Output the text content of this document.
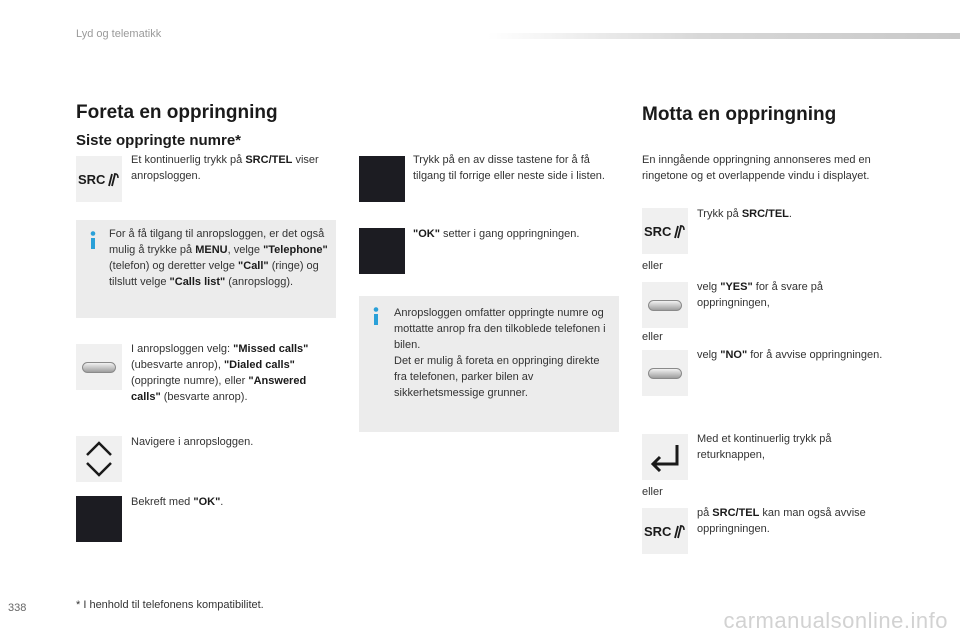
Lyd og telematikk
Foreta en oppringning
Siste oppringte numre*
SRC
Et kontinuerlig trykk på SRC/TEL viser anropsloggen.
For å få tilgang til anropsloggen, er det også mulig å trykke på MENU, velge "Telephone" (telefon) og deretter velge "Call" (ringe) og tilslutt velge "Calls list" (anropslogg).
I anropsloggen velg: "Missed calls" (ubesvarte anrop), "Dialed calls" (oppringte numre), eller "Answered calls" (besvarte anrop).
Navigere i anropsloggen.
Bekreft med "OK".
* I henhold til telefonens kompatibilitet.
Trykk på en av disse tastene for å få tilgang til forrige eller neste side i listen.
"OK" setter i gang oppringningen.
Anropsloggen omfatter oppringte numre og mottatte anrop fra den tilkoblede telefonen i bilen.
Det er mulig å foreta en oppringing direkte fra telefonen, parker bilen av sikkerhetsmessige grunner.
Motta en oppringning
En inngående oppringning annonseres med en ringetone og et overlappende vindu i displayet.
SRC
Trykk på SRC/TEL.
eller
velg "YES" for å svare på oppringningen,
eller
velg "NO" for å avvise oppringningen.
Med et kontinuerlig trykk på returknappen,
eller
SRC
på SRC/TEL kan man også avvise oppringningen.
338	carmanualsonline.info
